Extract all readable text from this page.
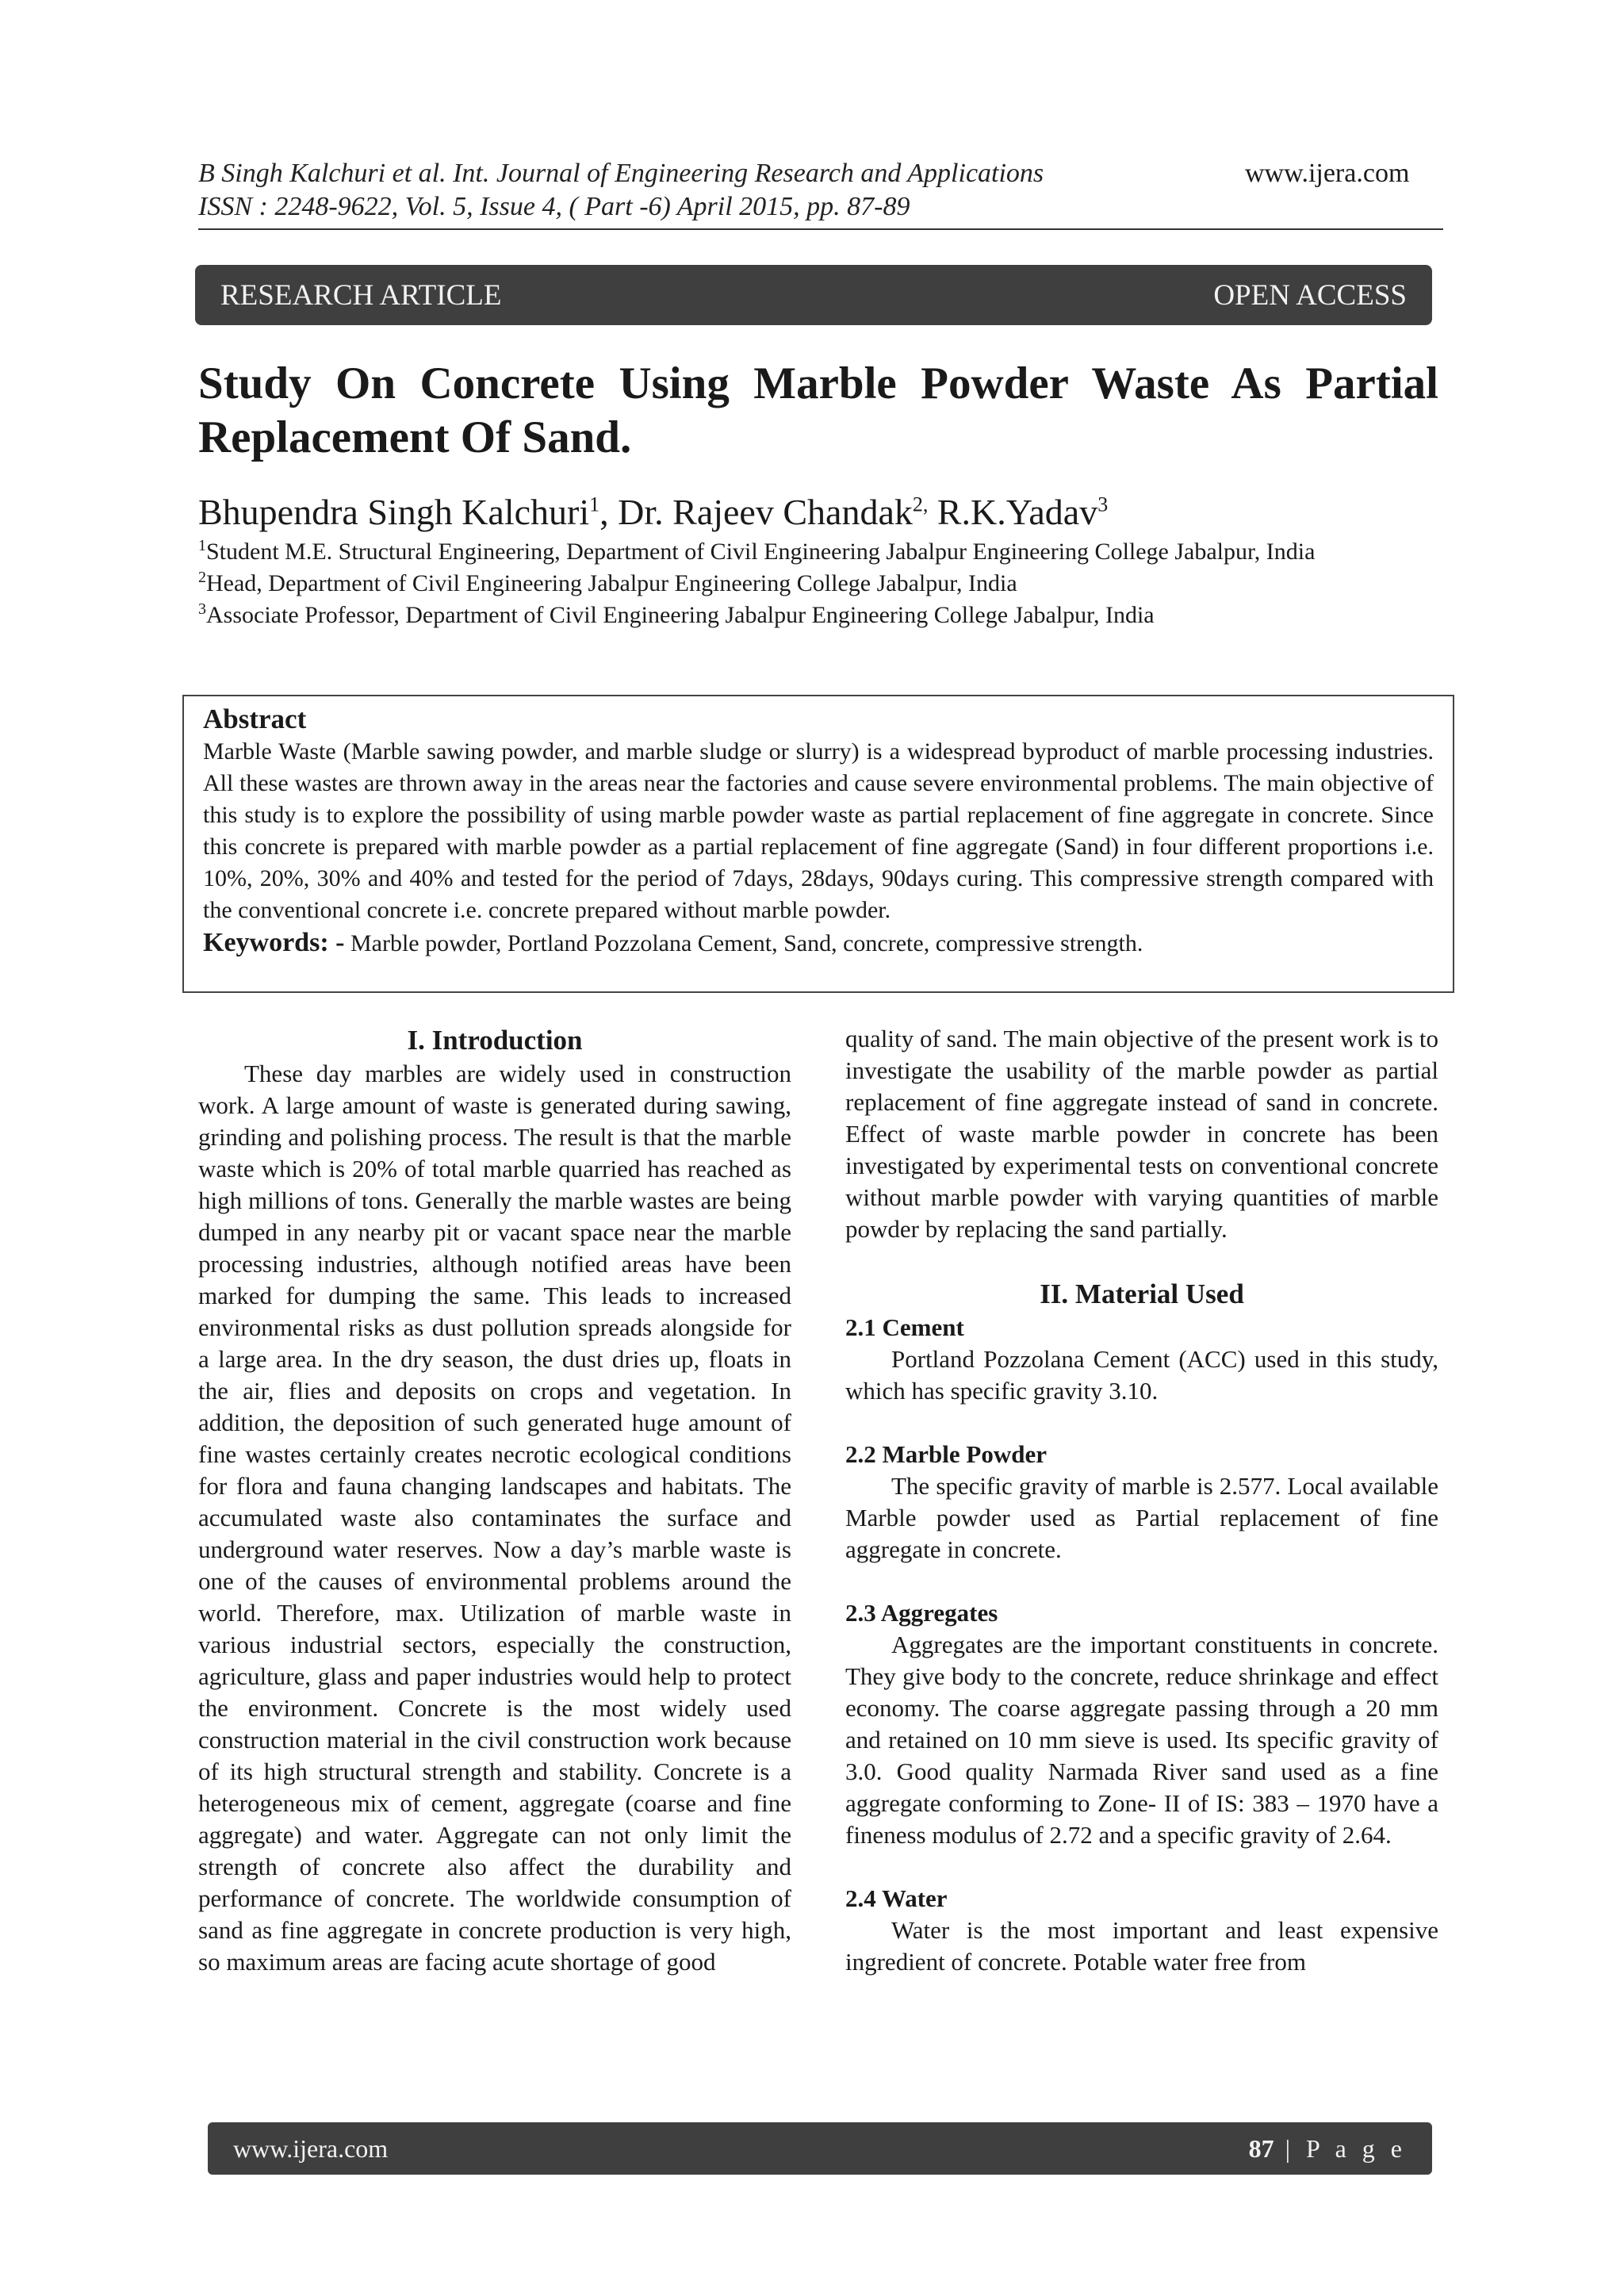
B Singh Kalchuri et al. Int. Journal of Engineering Research and Applications
ISSN : 2248-9622, Vol. 5, Issue 4, ( Part -6) April 2015, pp. 87-89
www.ijera.com
RESEARCH ARTICLE	OPEN ACCESS
Study On Concrete Using Marble Powder Waste As Partial
Replacement Of Sand.
Bhupendra Singh Kalchuri$^1$, Dr. Rajeev Chandak$^{2,}$ R.K.Yadav$^3$
$^1$Student M.E. Structural Engineering, Department of Civil Engineering Jabalpur Engineering College Jabalpur, India
$^2$Head, Department of Civil Engineering Jabalpur Engineering College Jabalpur, India
$^3$Associate Professor, Department of Civil Engineering Jabalpur Engineering College Jabalpur, India
Abstract
Marble Waste (Marble sawing powder, and marble sludge or slurry) is a widespread byproduct of marble processing industries. All these wastes are thrown away in the areas near the factories and cause severe environmental problems. The main objective of this study is to explore the possibility of using marble powder waste as partial replacement of fine aggregate in concrete. Since this concrete is prepared with marble powder as a partial replacement of fine aggregate (Sand) in four different proportions i.e. 10%, 20%, 30% and 40% and tested for the period of 7days, 28days, 90days curing. This compressive strength compared with the conventional concrete i.e. concrete prepared without marble powder.
Keywords: - Marble powder, Portland Pozzolana Cement, Sand, concrete, compressive strength.
I. Introduction

These day marbles are widely used in construction work. A large amount of waste is generated during sawing, grinding and polishing process. The result is that the marble waste which is 20% of total marble quarried has reached as high millions of tons. Generally the marble wastes are being dumped in any nearby pit or vacant space near the marble processing industries, although notified areas have been marked for dumping the same. This leads to increased environmental risks as dust pollution spreads alongside for a large area. In the dry season, the dust dries up, floats in the air, flies and deposits on crops and vegetation. In addition, the deposition of such generated huge amount of fine wastes certainly creates necrotic ecological conditions for flora and fauna changing landscapes and habitats. The accumulated waste also contaminates the surface and underground water reserves. Now a day’s marble waste is one of the causes of environmental problems around the world. Therefore, max. Utilization of marble waste in various industrial sectors, especially the construction, agriculture, glass and paper industries would help to protect the environment. Concrete is the most widely used construction material in the civil construction work because of its high structural strength and stability. Concrete is a heterogeneous mix of cement, aggregate (coarse and fine aggregate) and water. Aggregate can not only limit the strength of concrete also affect the durability and performance of concrete. The worldwide consumption of sand as fine aggregate in concrete production is very high, so maximum areas are facing acute shortage of good

quality of sand. The main objective of the present work is to investigate the usability of the marble powder as partial replacement of fine aggregate instead of sand in concrete. Effect of waste marble powder in concrete has been investigated by experimental tests on conventional concrete without marble powder with varying quantities of marble powder by replacing the sand partially.

II. Material Used
2.1 Cement

Portland Pozzolana Cement (ACC) used in this study, which has specific gravity 3.10.

2.2 Marble Powder

The specific gravity of marble is 2.577. Local available Marble powder used as Partial replacement of fine aggregate in concrete.

2.3 Aggregates

Aggregates are the important constituents in concrete. They give body to the concrete, reduce shrinkage and effect economy. The coarse aggregate passing through a 20 mm and retained on 10 mm sieve is used. Its specific gravity of 3.0. Good quality Narmada River sand used as a fine aggregate conforming to Zone- II of IS: 383 – 1970 have a fineness modulus of 2.72 and a specific gravity of 2.64.

2.4 Water

Water is the most important and least expensive ingredient of concrete. Potable water free from

www.ijera.com	87 | P a g e
